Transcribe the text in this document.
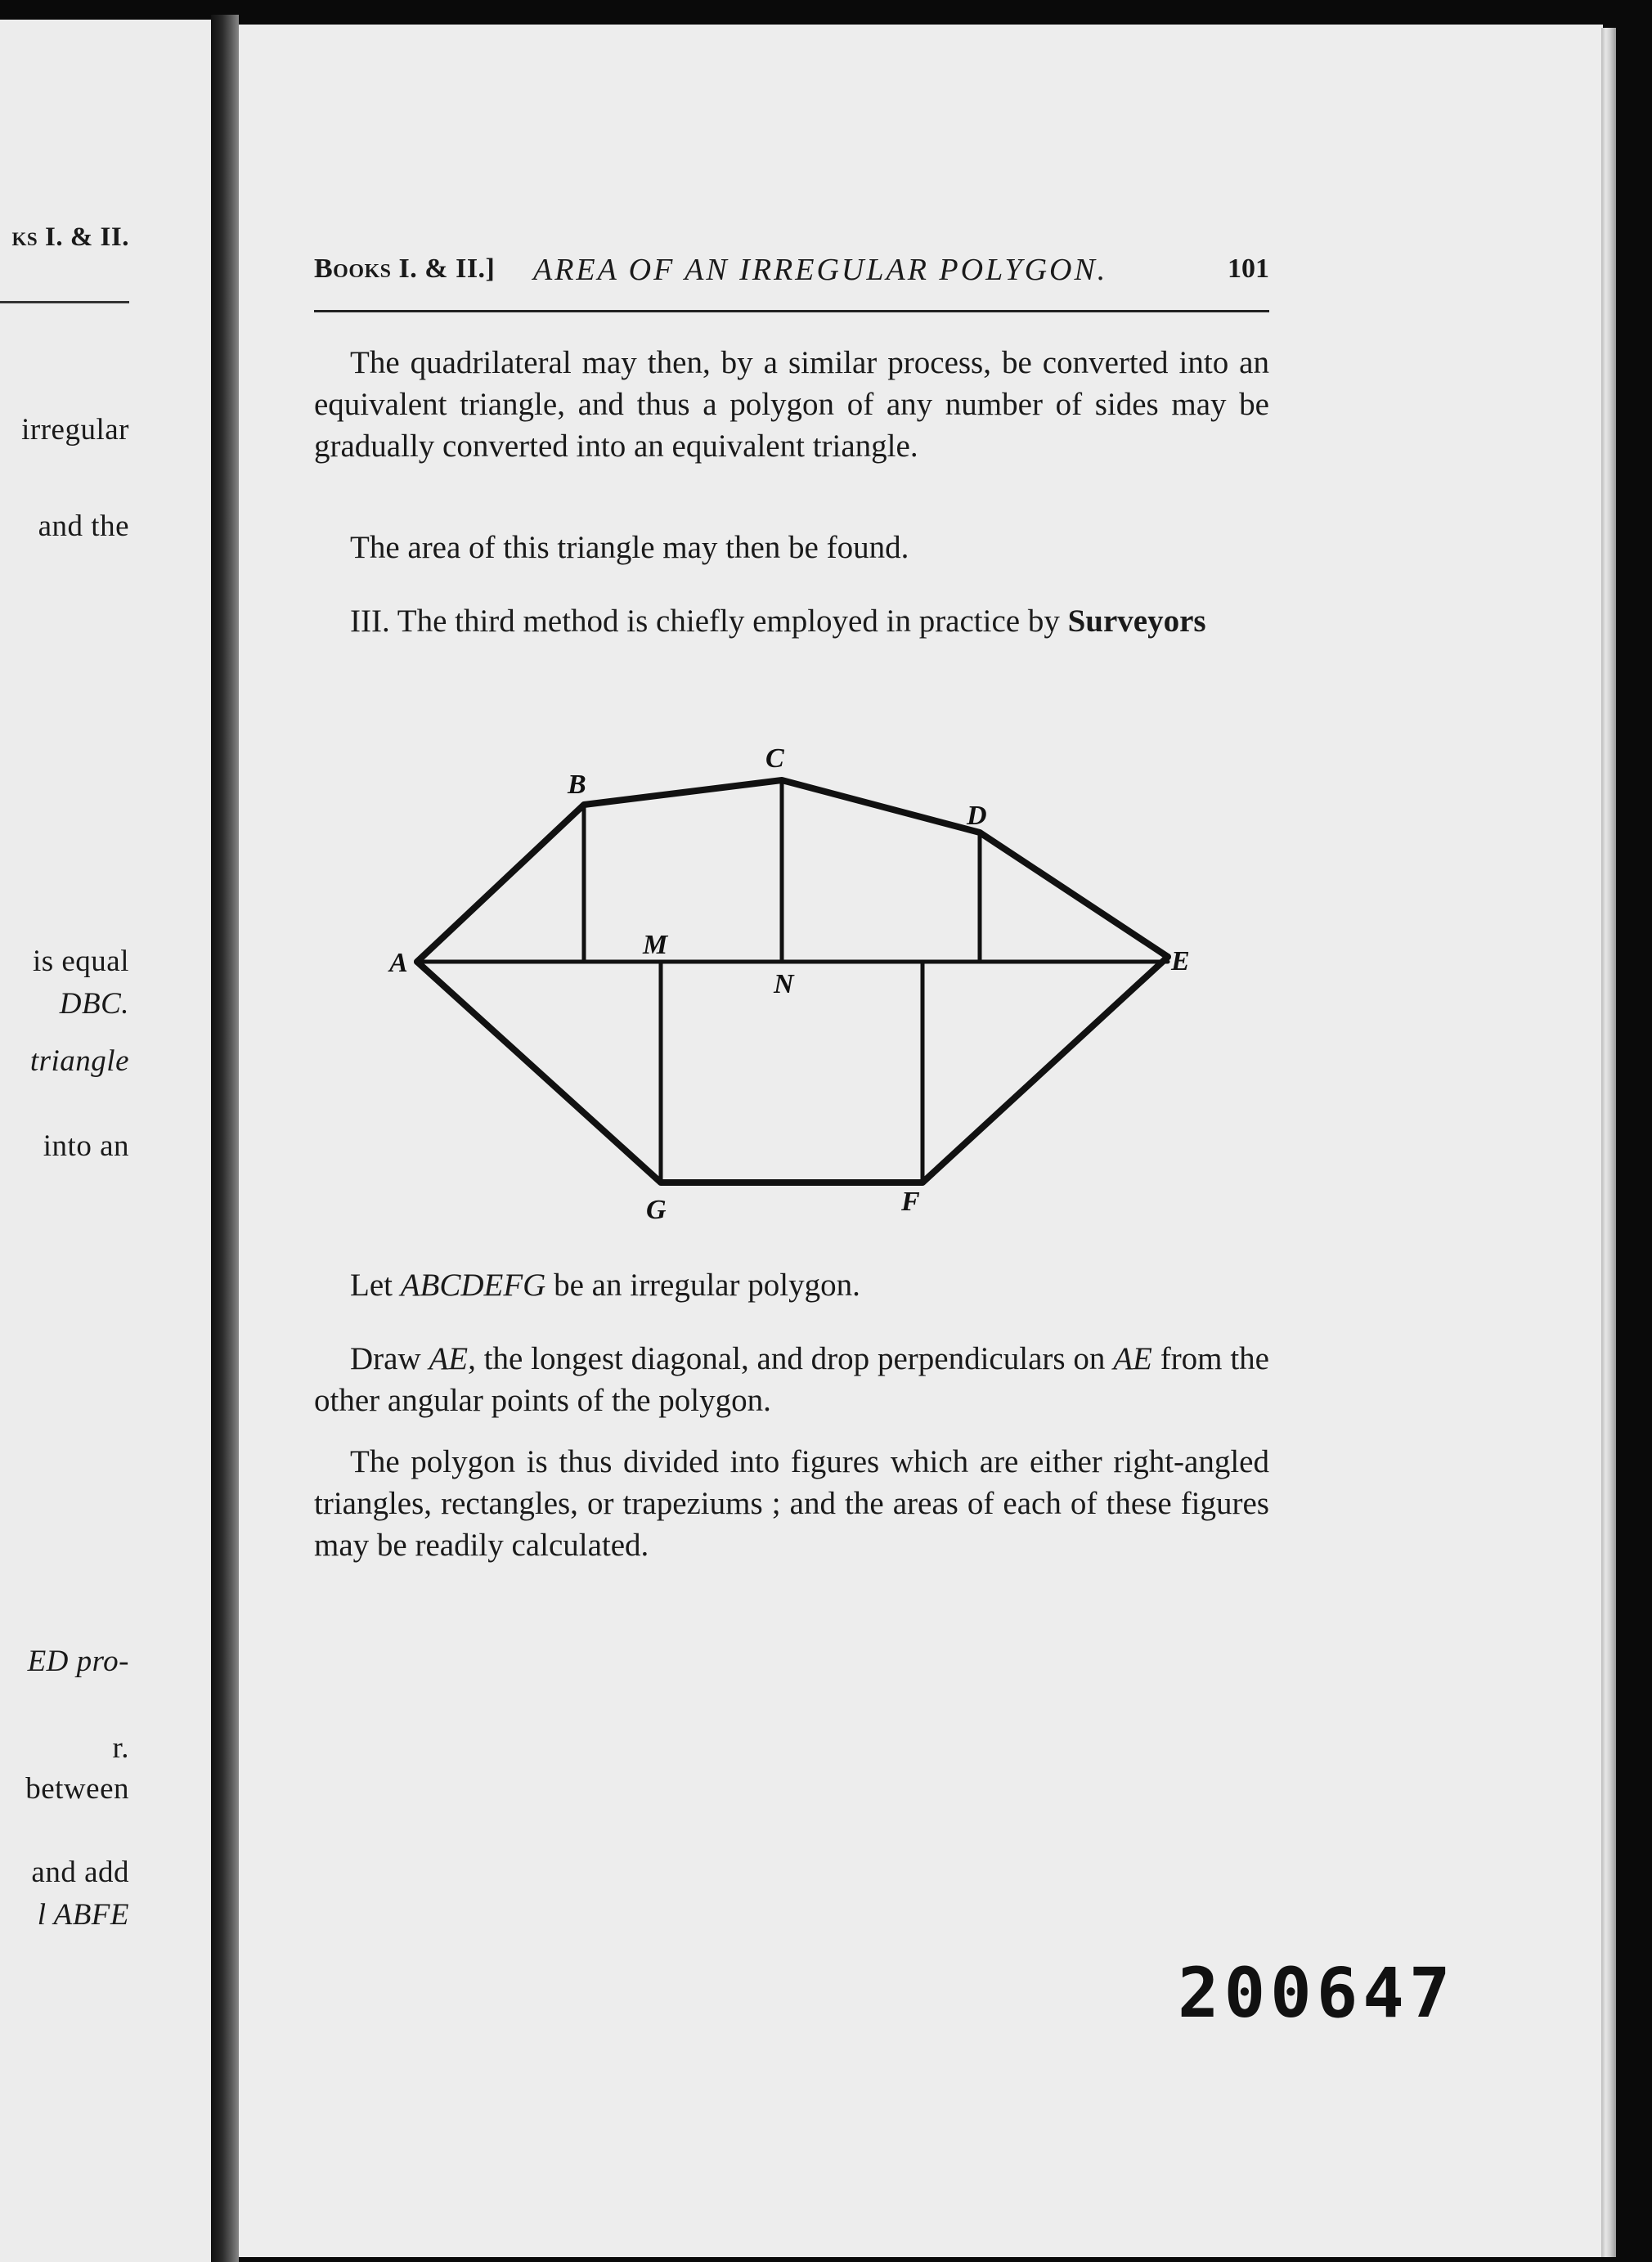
ks I. & II.
irregular
and the
is equal
DBC.
triangle
into an
ED pro-
r.
between
and add
l ABFE
Books I. & II.] AREA OF AN IRREGULAR POLYGON.	101
The quadrilateral may then, by a similar process, be converted into an equivalent triangle, and thus a polygon of any number of sides may be gradually converted into an equivalent triangle.
The area of this triangle may then be found.
III. The third method is chiefly employed in practice by Surveyors
A
B
C
D
E
M
N
G	F
Let ABCDEFG be an irregular polygon.
Draw AE, the longest diagonal, and drop perpendiculars on AE from the other angular points of the polygon.
The polygon is thus divided into figures which are either right-angled triangles, rectangles, or trapeziums ; and the areas of each of these figures may be readily calculated.
200647
